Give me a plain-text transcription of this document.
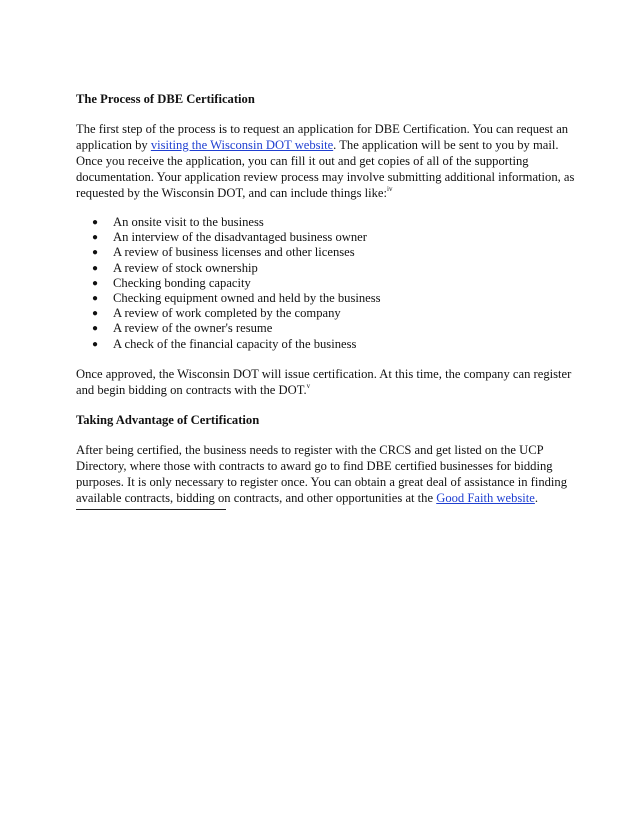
The Process of DBE Certification

The first step of the process is to request an application for DBE Certification. You can request an application by visiting the Wisconsin DOT website. The application will be sent to you by mail. Once you receive the application, you can fill it out and get copies of all of the supporting documentation. Your application review process may involve submitting additional information, as requested by the Wisconsin DOT, and can include things like:$^{iv}$

● An onsite visit to the business
● An interview of the disadvantaged business owner
● A review of business licenses and other licenses
● A review of stock ownership
● Checking bonding capacity
● Checking equipment owned and held by the business
● A review of work completed by the company
● A review of the owner's resume
● A check of the financial capacity of the business

Once approved, the Wisconsin DOT will issue certification. At this time, the company can register and begin bidding on contracts with the DOT.$^v$

Taking Advantage of Certification

After being certified, the business needs to register with the CRCS and get listed on the UCP Directory, where those with contracts to award go to find DBE certified businesses for bidding purposes. It is only necessary to register once. You can obtain a great deal of assistance in finding available contracts, bidding on contracts, and other opportunities at the Good Faith website.
